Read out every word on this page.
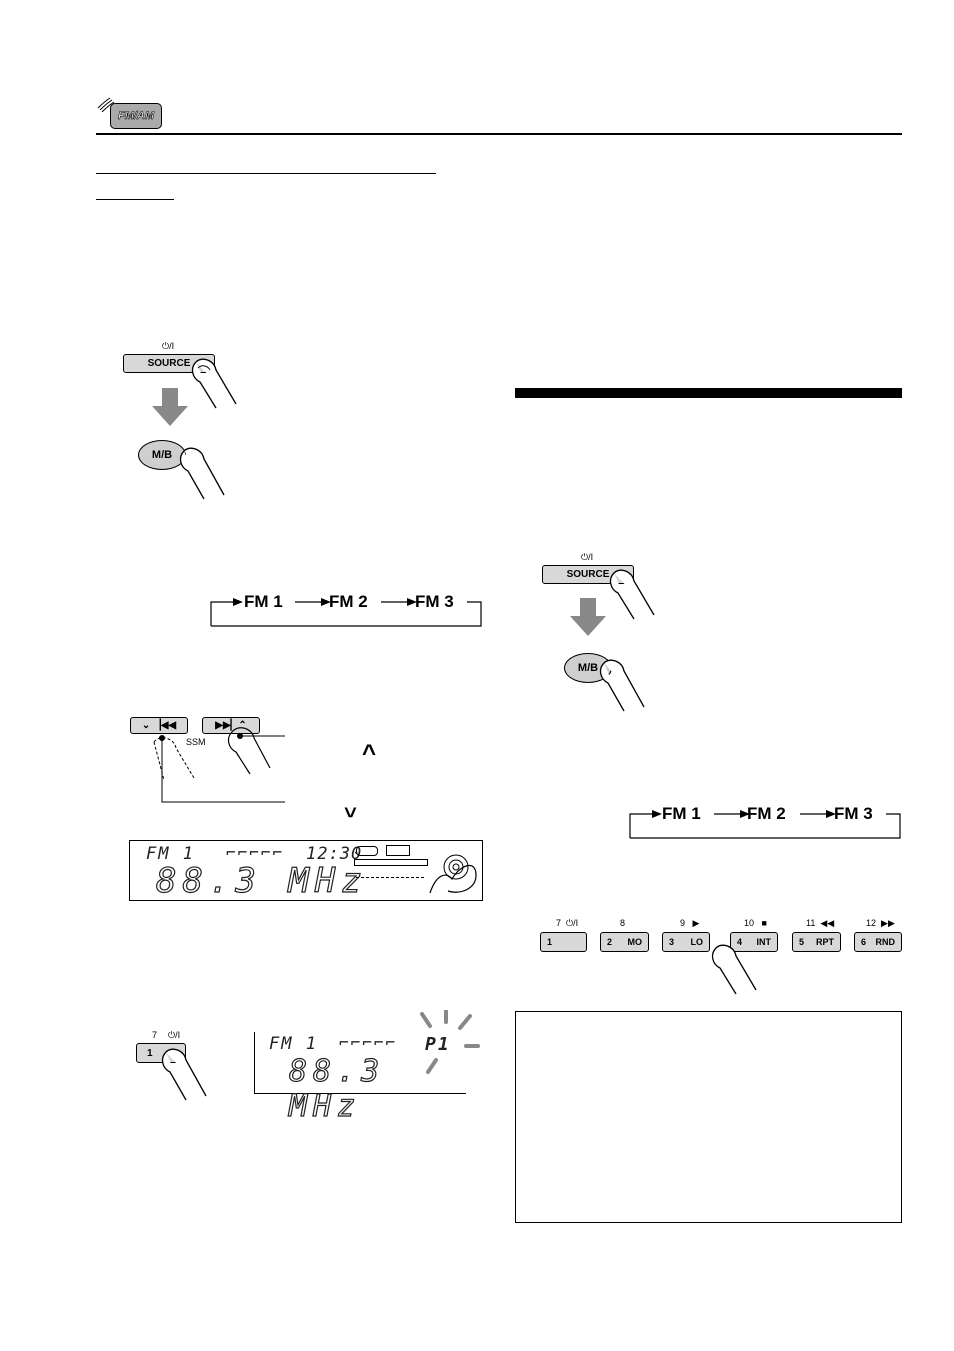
FM/AM
⏻/I
SOURCE
M/B
FM 1	FM 2	FM 3
⌄ ▕◀◀	▶▶▏⌃
SSM	^
^
FM 1 ⌐⌐⌐⌐⌐ 12:30
88.3 MHz
7 ⏻/I
1	FM 1 ⌐⌐⌐⌐⌐ P1
88.3 MHz
⏻/I
SOURCE
M/B
FM 1	FM 2	FM 3
7 ⏻/I	8	9 ▶	10 ■	11 ◀◀	12 ▶▶
1	2 MO	3 LO	4 INT	5 RPT	6 RND
